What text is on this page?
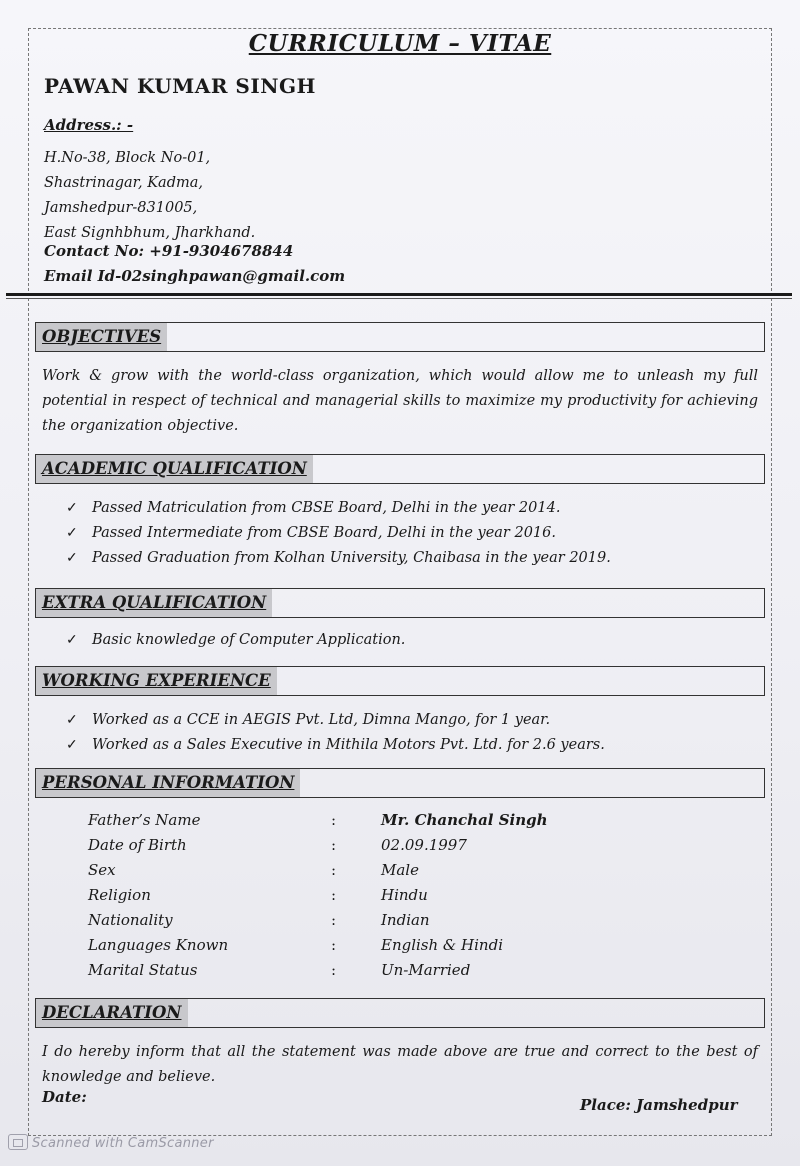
CURRICULUM – VITAE
PAWAN KUMAR SINGH
Address.: -
H.No-38, Block No-01,
Shastrinagar, Kadma,
Jamshedpur-831005,
East Signhbhum, Jharkhand.
Contact No: +91-9304678844
Email Id-02singhpawan@gmail.com
OBJECTIVES
Work & grow with the world-class organization, which would allow me to unleash my full potential in respect of technical and managerial skills to maximize my productivity for achieving the organization objective.
ACADEMIC QUALIFICATION
✓ Passed Matriculation from CBSE Board, Delhi in the year 2014.
✓ Passed Intermediate from CBSE Board, Delhi in the year 2016.
✓ Passed Graduation from Kolhan University, Chaibasa in the year 2019.
EXTRA QUALIFICATION
✓ Basic knowledge of Computer Application.
WORKING EXPERIENCE
✓ Worked as a CCE in AEGIS Pvt. Ltd, Dimna Mango, for 1 year.
✓ Worked as a Sales Executive in Mithila Motors Pvt. Ltd. for 2.6 years.
PERSONAL INFORMATION
Father’s Name	:	Mr. Chanchal Singh
Date of Birth	:	02.09.1997
Sex	:	Male
Religion	:	Hindu
Nationality	:	Indian
Languages Known	:	English & Hindi
Marital Status	:	Un-Married
DECLARATION
I do hereby inform that all the statement was made above are true and correct to the best of knowledge and believe.
Date:	Place: Jamshedpur
Scanned with CamScanner
